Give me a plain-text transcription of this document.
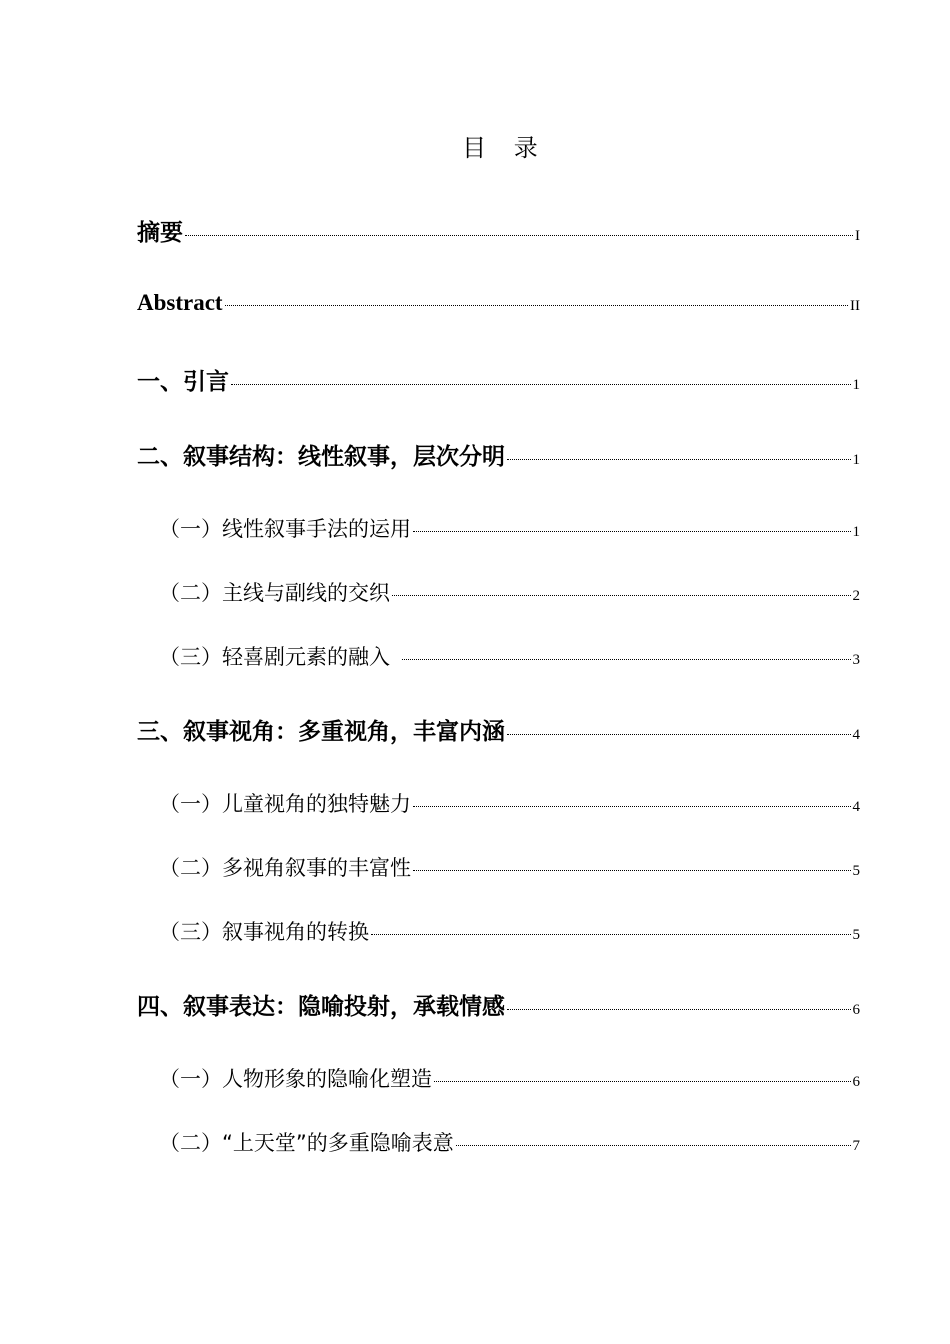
目 录
摘要	I
Abstract	II
一、引言	1
二、叙事结构：线性叙事，层次分明	1
（一）线性叙事手法的运用	1
（二）主线与副线的交织	2
（三）轻喜剧元素的融入	3
三、叙事视角：多重视角，丰富内涵	4
（一）儿童视角的独特魅力	4
（二）多视角叙事的丰富性	5
（三）叙事视角的转换	5
四、叙事表达：隐喻投射，承载情感	6
（一）人物形象的隐喻化塑造	6
（二）“上天堂”的多重隐喻表意	7
